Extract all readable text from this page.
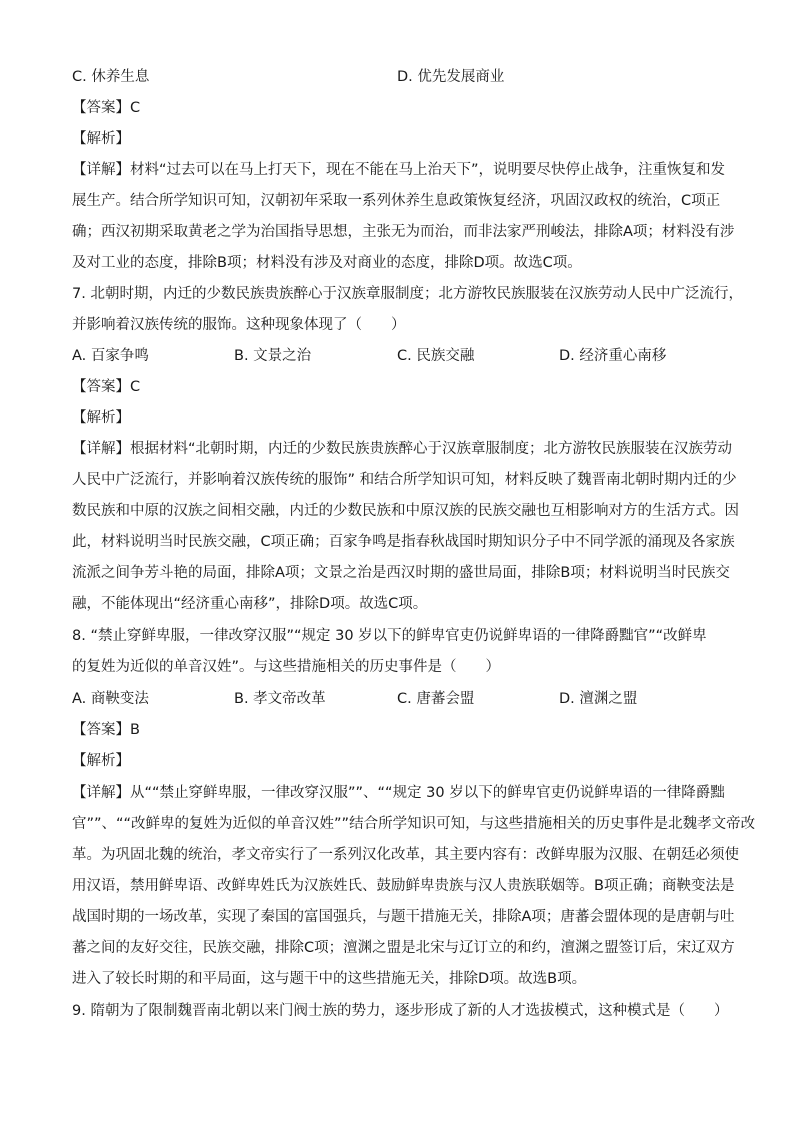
C. 休养生息	D. 优先发展商业
【答案】C
【解析】
【详解】材料“过去可以在马上打天下，现在不能在马上治天下”，说明要尽快停止战争，注重恢复和发
展生产。结合所学知识可知，汉朝初年采取一系列休养生息政策恢复经济，巩固汉政权的统治，C项正
确；西汉初期采取黄老之学为治国指导思想，主张无为而治，而非法家严刑峻法，排除A项；材料没有涉
及对工业的态度，排除B项；材料没有涉及对商业的态度，排除D项。故选C项。
7. 北朝时期，内迁的少数民族贵族醉心于汉族章服制度；北方游牧民族服装在汉族劳动人民中广泛流行，
并影响着汉族传统的服饰。这种现象体现了（　　）
A. 百家争鸣	B. 文景之治	C. 民族交融	D. 经济重心南移
【答案】C
【解析】
【详解】根据材料“北朝时期，内迁的少数民族贵族醉心于汉族章服制度；北方游牧民族服装在汉族劳动
人民中广泛流行，并影响着汉族传统的服饰” 和结合所学知识可知，材料反映了魏晋南北朝时期内迁的少
数民族和中原的汉族之间相交融，内迁的少数民族和中原汉族的民族交融也互相影响对方的生活方式。因
此，材料说明当时民族交融，C项正确；百家争鸣是指春秋战国时期知识分子中不同学派的涌现及各家族
流派之间争芳斗艳的局面，排除A项；文景之治是西汉时期的盛世局面，排除B项；材料说明当时民族交
融，不能体现出“经济重心南移”，排除D项。故选C项。
8. “禁止穿鲜卑服，一律改穿汉服”“规定 30 岁以下的鲜卑官吏仍说鲜卑语的一律降爵黜官”“改鲜卑
的复姓为近似的单音汉姓”。与这些措施相关的历史事件是（　　）
A. 商鞅变法	B. 孝文帝改革	C. 唐蕃会盟	D. 澶渊之盟
【答案】B
【解析】
【详解】从““禁止穿鲜卑服，一律改穿汉服””、““规定 30 岁以下的鲜卑官吏仍说鲜卑语的一律降爵黜
官””、““改鲜卑的复姓为近似的单音汉姓””结合所学知识可知，与这些措施相关的历史事件是北魏孝文帝改
革。为巩固北魏的统治，孝文帝实行了一系列汉化改革，其主要内容有：改鲜卑服为汉服、在朝廷必须使
用汉语，禁用鲜卑语、改鲜卑姓氏为汉族姓氏、鼓励鲜卑贵族与汉人贵族联姻等。B项正确；商鞅变法是
战国时期的一场改革，实现了秦国的富国强兵，与题干措施无关，排除A项；唐蕃会盟体现的是唐朝与吐
蕃之间的友好交往，民族交融，排除C项；澶渊之盟是北宋与辽订立的和约，澶渊之盟签订后，宋辽双方
进入了较长时期的和平局面，这与题干中的这些措施无关，排除D项。故选B项。
9. 隋朝为了限制魏晋南北朝以来门阀士族的势力，逐步形成了新的人才选拔模式，这种模式是（　　）
